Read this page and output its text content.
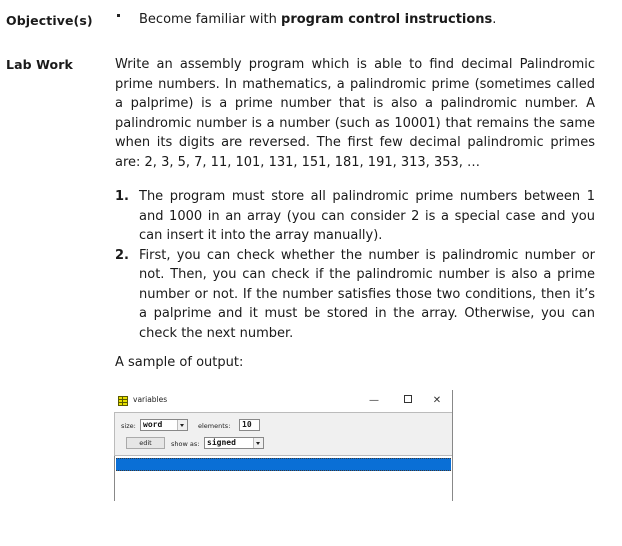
Objective(s)	Become familiar with program control instructions.
Lab Work	Write an assembly program which is able to find decimal Palindromic prime numbers. In mathematics, a palindromic prime (sometimes called a palprime) is a prime number that is also a palindromic number. A palindromic number is a number (such as 10001) that remains the same when its digits are reversed. The first few decimal palindromic primes are: 2, 3, 5, 7, 11, 101, 131, 151, 181, 191, 313, 353, …
1. The program must store all palindromic prime numbers between 1 and 1000 in an array (you can consider 2 is a special case and you can insert it into the array manually).
2. First, you can check whether the number is palindromic number or not. Then, you can check if the palindromic number is also a prime number or not. If the number satisfies those two conditions, then it’s a palprime and it must be stored in the array. Otherwise, you can check the next number.
A sample of output:
variables	—	✕
size: word	elements:	10
edit	show as: signed

ARR

2, 3, 5, 7, 11, 101, 131, 151, 181,
